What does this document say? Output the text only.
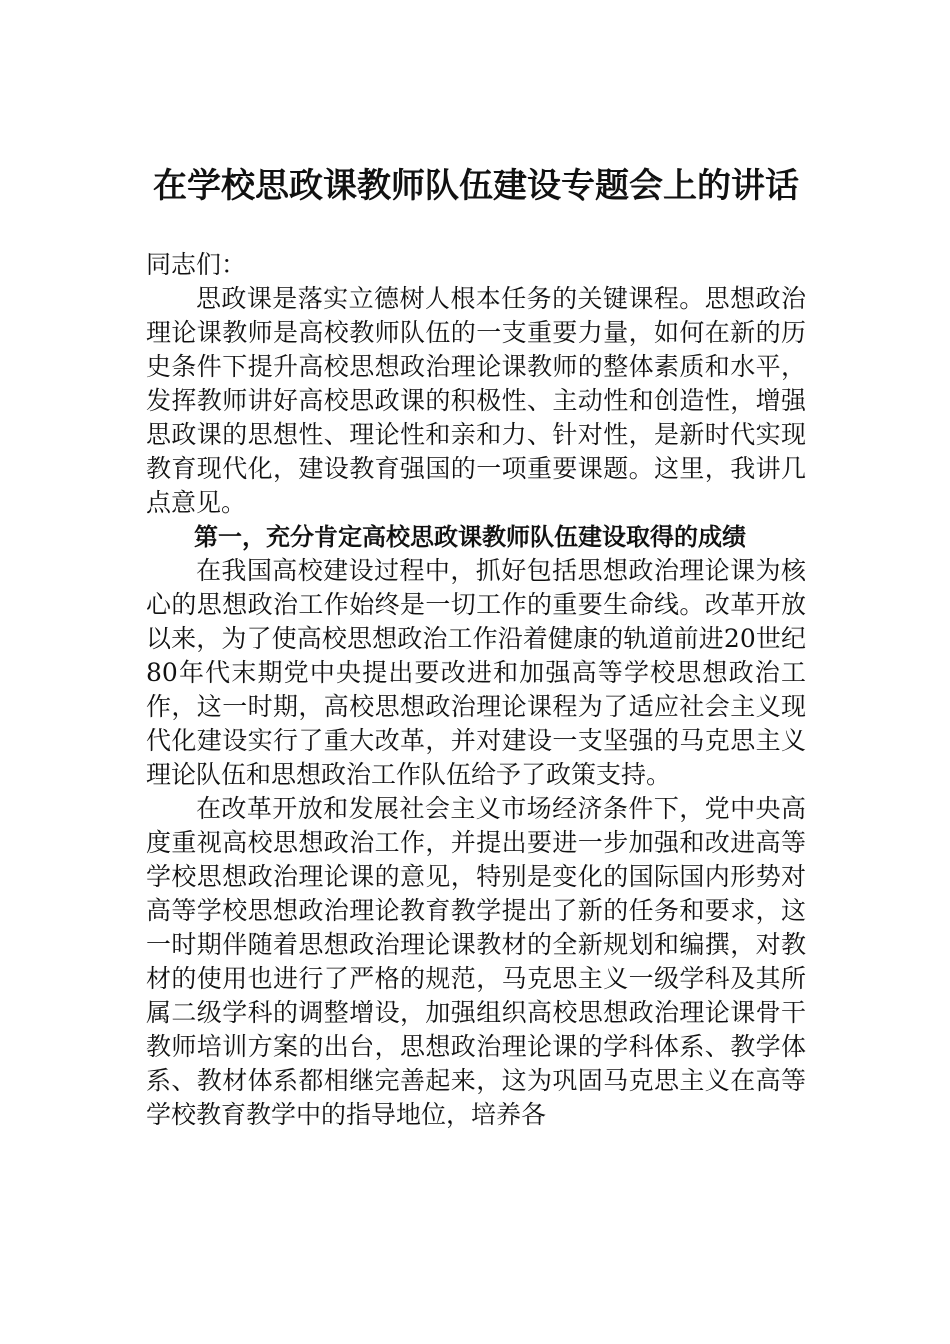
在学校思政课教师队伍建设专题会上的讲话

同志们：

思政课是落实立德树人根本任务的关键课程。思想政治理论课教师是高校教师队伍的一支重要力量，如何在新的历史条件下提升高校思想政治理论课教师的整体素质和水平，发挥教师讲好高校思政课的积极性、主动性和创造性，增强思政课的思想性、理论性和亲和力、针对性，是新时代实现教育现代化，建设教育强国的一项重要课题。这里，我讲几点意见。

第一，充分肯定高校思政课教师队伍建设取得的成绩

在我国高校建设过程中，抓好包括思想政治理论课为核心的思想政治工作始终是一切工作的重要生命线。改革开放以来，为了使高校思想政治工作沿着健康的轨道前进20世纪80年代末期党中央提出要改进和加强高等学校思想政治工作，这一时期，高校思想政治理论课程为了适应社会主义现代化建设实行了重大改革，并对建设一支坚强的马克思主义理论队伍和思想政治工作队伍给予了政策支持。

在改革开放和发展社会主义市场经济条件下，党中央高度重视高校思想政治工作，并提出要进一步加强和改进高等学校思想政治理论课的意见，特别是变化的国际国内形势对高等学校思想政治理论教育教学提出了新的任务和要求，这一时期伴随着思想政治理论课教材的全新规划和编撰，对教材的使用也进行了严格的规范，马克思主义一级学科及其所属二级学科的调整增设，加强组织高校思想政治理论课骨干教师培训方案的出台，思想政治理论课的学科体系、教学体系、教材体系都相继完善起来，这为巩固马克思主义在高等学校教育教学中的指导地位，培养各
